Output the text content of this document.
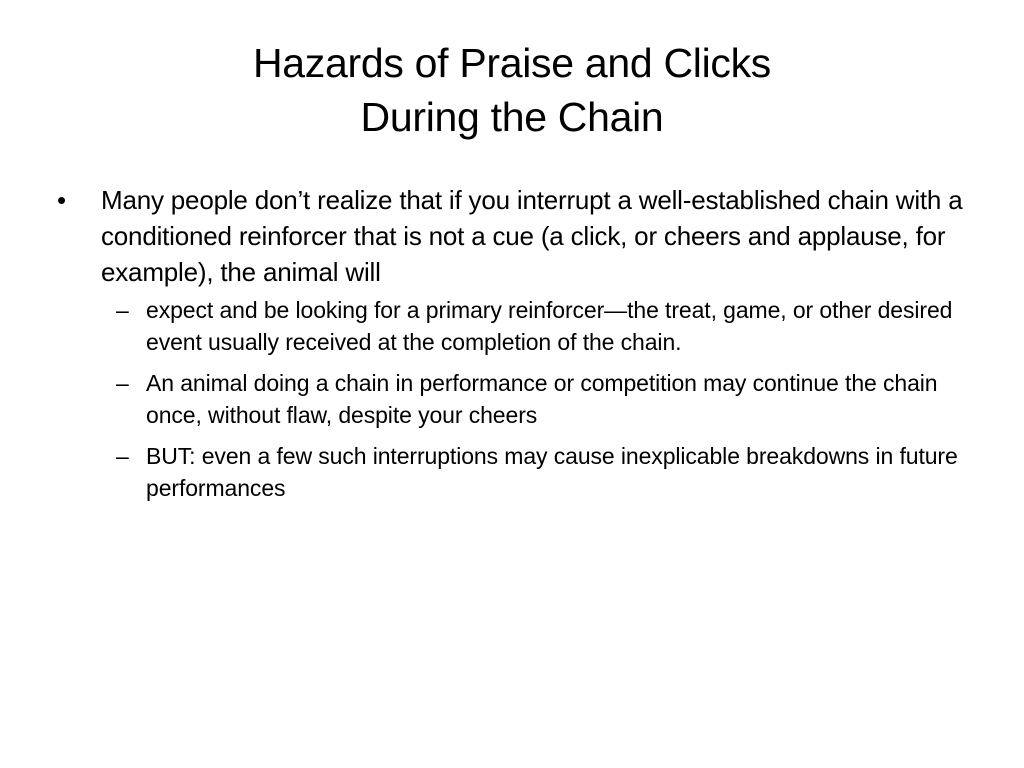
Hazards of Praise and Clicks
During the Chain
• Many people don’t realize that if you interrupt a well-established chain with a conditioned reinforcer that is not a cue (a click, or cheers and applause, for example), the animal will
– expect and be looking for a primary reinforcer—the treat, game, or other desired event usually received at the completion of the chain.
– An animal doing a chain in performance or competition may continue the chain once, without flaw, despite your cheers
– BUT: even a few such interruptions may cause inexplicable breakdowns in future performances
